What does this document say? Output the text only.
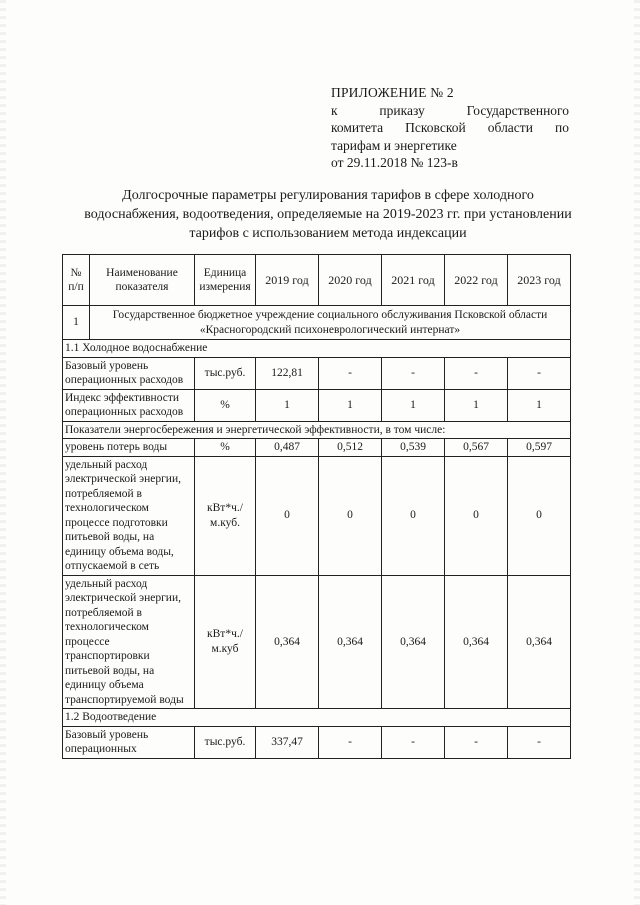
ПРИЛОЖЕНИЕ № 2
к приказу Государственного
комитета Псковской области по
тарифам и энергетике
от 29.11.2018 № 123-в
Долгосрочные параметры регулирования тарифов в сфере холодного водоснабжения, водоотведения, определяемые на 2019-2023 гг. при установлении тарифов с использованием метода индексации
№ п/п	Наименование показателя	Единица измерения	2019 год	2020 год	2021 год	2022 год	2023 год
1	Государственное бюджетное учреждение социального обслуживания Псковской области «Красногородский психоневрологический интернат»						
1.1 Холодное водоснабжение							
Базовый уровень операционных расходов		тыс.руб.	122,81	-	-	-	-
Индекс эффективности операционных расходов		%	1	1	1	1	1
Показатели энергосбережения и энергетической эффективности, в том числе:							
уровень потерь воды		%	0,487	0,512	0,539	0,567	0,597
удельный расход электрической энергии, потребляемой в технологическом процессе подготовки питьевой воды, на единицу объема воды, отпускаемой в сеть		кВт*ч./м.куб.	0	0	0	0	0
удельный расход электрической энергии, потребляемой в технологическом процессе транспортировки питьевой воды, на единицу объема транспортируемой воды		кВт*ч./м.куб	0,364	0,364	0,364	0,364	0,364
1.2 Водоотведение							
Базовый уровень операционных		тыс.руб.	337,47	-	-	-	-
